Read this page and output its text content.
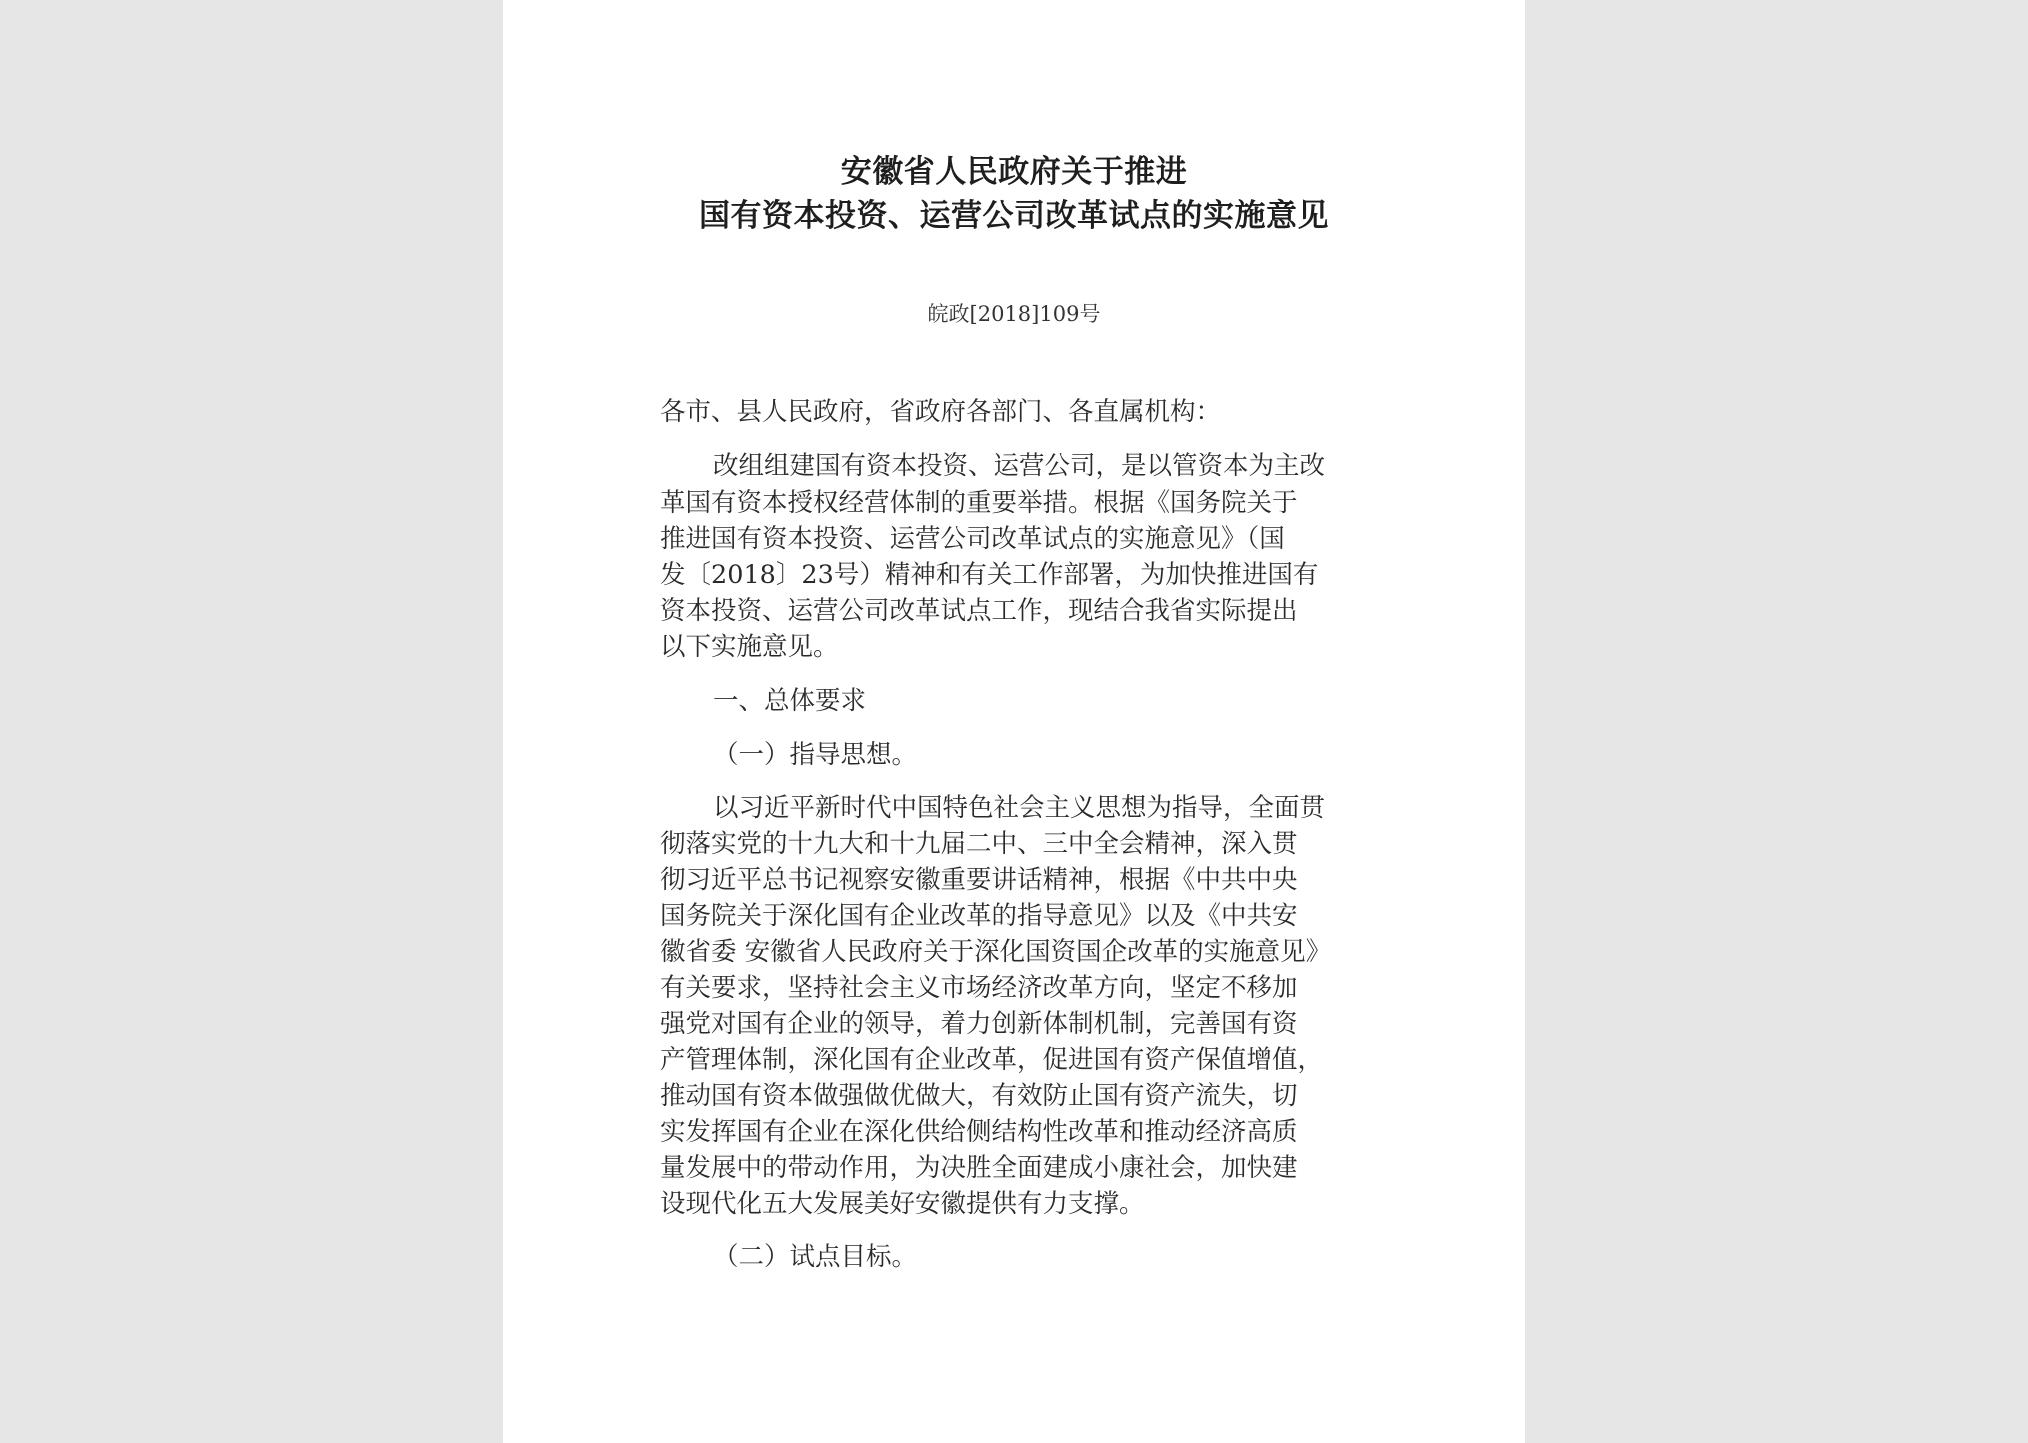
安徽省人民政府关于推进
国有资本投资、运营公司改革试点的实施意见
皖政[2018]109号
各市、县人民政府，省政府各部门、各直属机构：
改组组建国有资本投资、运营公司，是以管资本为主改
革国有资本授权经营体制的重要举措。根据《国务院关于
推进国有资本投资、运营公司改革试点的实施意见》（国
发〔2018〕23号）精神和有关工作部署，为加快推进国有
资本投资、运营公司改革试点工作，现结合我省实际提出
以下实施意见。
一、总体要求
（一）指导思想。
以习近平新时代中国特色社会主义思想为指导，全面贯
彻落实党的十九大和十九届二中、三中全会精神，深入贯
彻习近平总书记视察安徽重要讲话精神，根据《中共中央
国务院关于深化国有企业改革的指导意见》以及《中共安
徽省委 安徽省人民政府关于深化国资国企改革的实施意见》
有关要求，坚持社会主义市场经济改革方向，坚定不移加
强党对国有企业的领导，着力创新体制机制，完善国有资
产管理体制，深化国有企业改革，促进国有资产保值增值，
推动国有资本做强做优做大，有效防止国有资产流失，切
实发挥国有企业在深化供给侧结构性改革和推动经济高质
量发展中的带动作用，为决胜全面建成小康社会，加快建
设现代化五大发展美好安徽提供有力支撑。
（二）试点目标。
